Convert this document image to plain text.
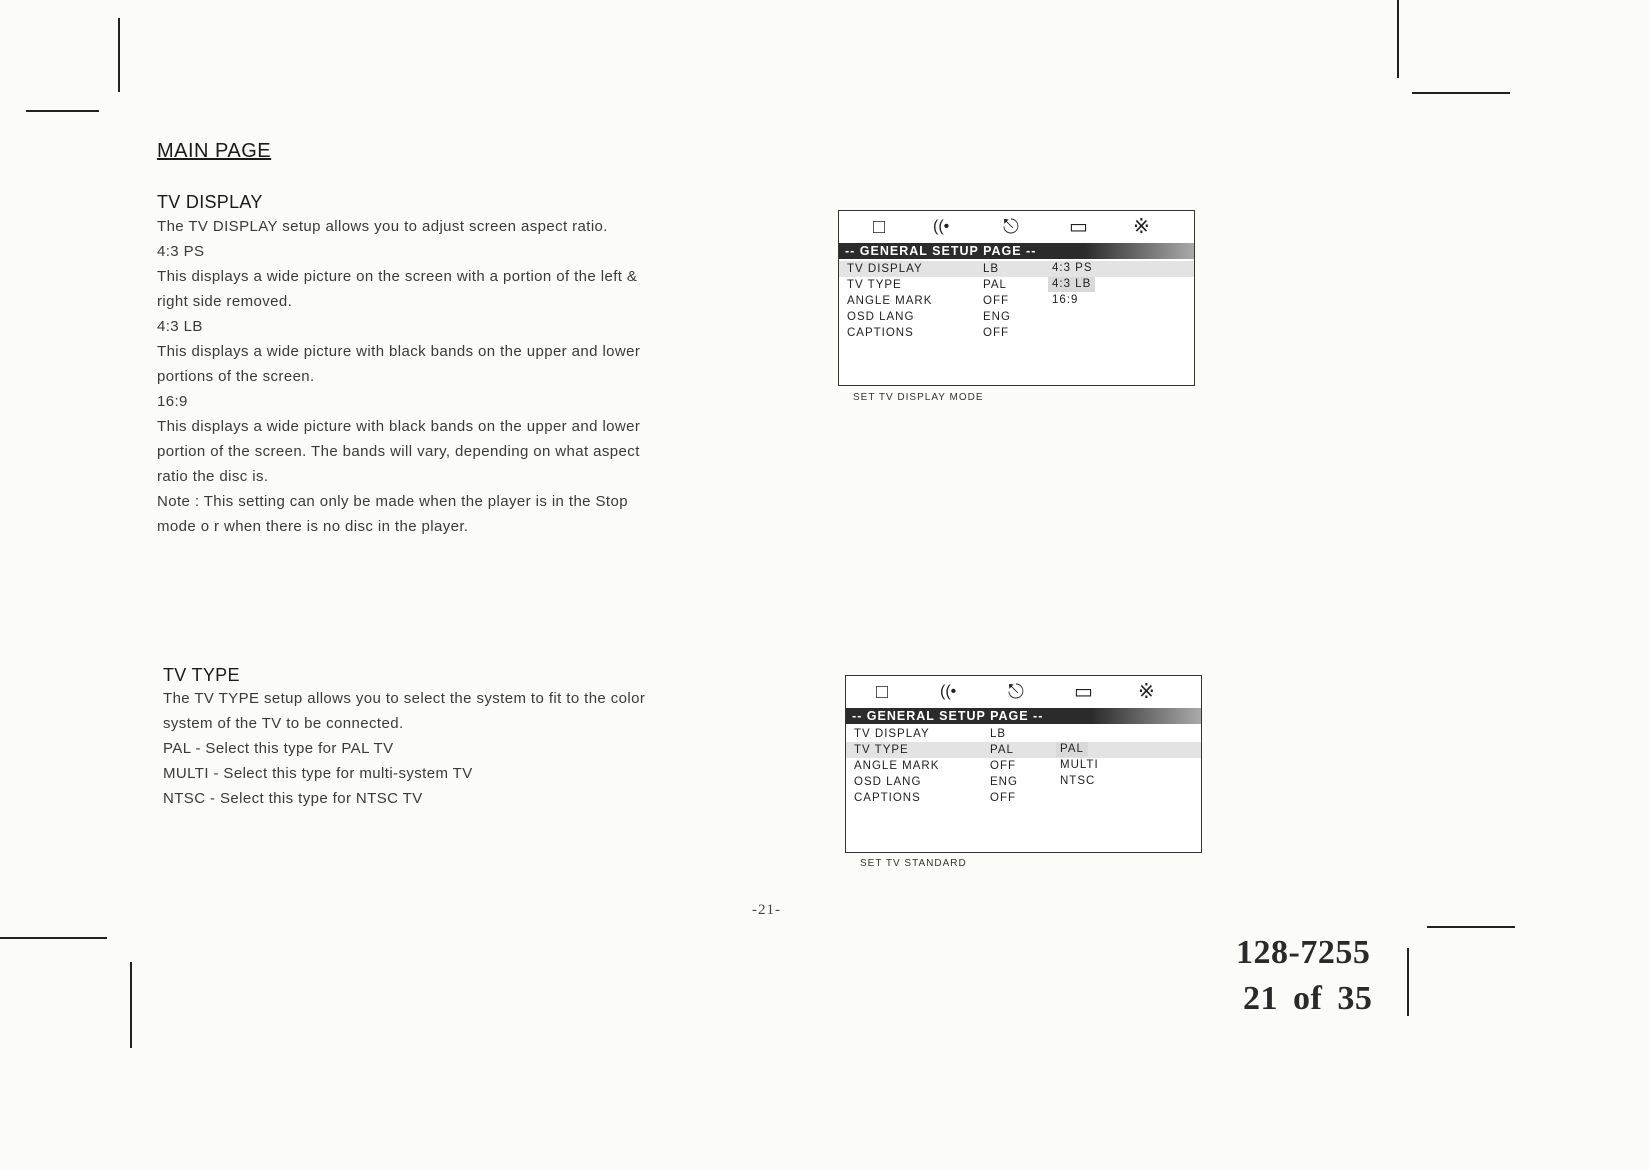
MAIN PAGE
TV DISPLAY
The TV DISPLAY setup allows you to adjust screen aspect ratio.
4:3 PS
This displays a wide picture on the screen with a portion of the left &
right side removed.
4:3 LB
This displays a wide picture with black bands on the upper and lower
portions of the screen.
16:9
This displays a wide picture with black bands on the upper and lower
portion of the screen. The bands will vary, depending on what aspect
ratio the disc is.
Note : This setting can only be made when the player is in the Stop
mode o r when there is no disc in the player.
TV TYPE
The TV TYPE setup allows you to select the system to fit to the color
system of the TV to be connected.
PAL - Select this type for PAL TV
MULTI - Select this type for multi-system TV
NTSC - Select this type for NTSC TV
□	((•	⎋	▭ ※
-- GENERAL SETUP PAGE --
TV DISPLAY	LB
TV TYPE	PAL
ANGLE MARK	OFF
OSD LANG	ENG
CAPTIONS	OFF
4:3 PS
4:3 LB
16:9
SET TV DISPLAY MODE
□	((•	⎋	▭ ※
-- GENERAL SETUP PAGE --
TV DISPLAY	LB
TV TYPE	PAL
ANGLE MARK	OFF
OSD LANG	ENG
CAPTIONS	OFF
PAL
MULTI
NTSC
SET TV STANDARD
-21-
128-7255
21 of 35
